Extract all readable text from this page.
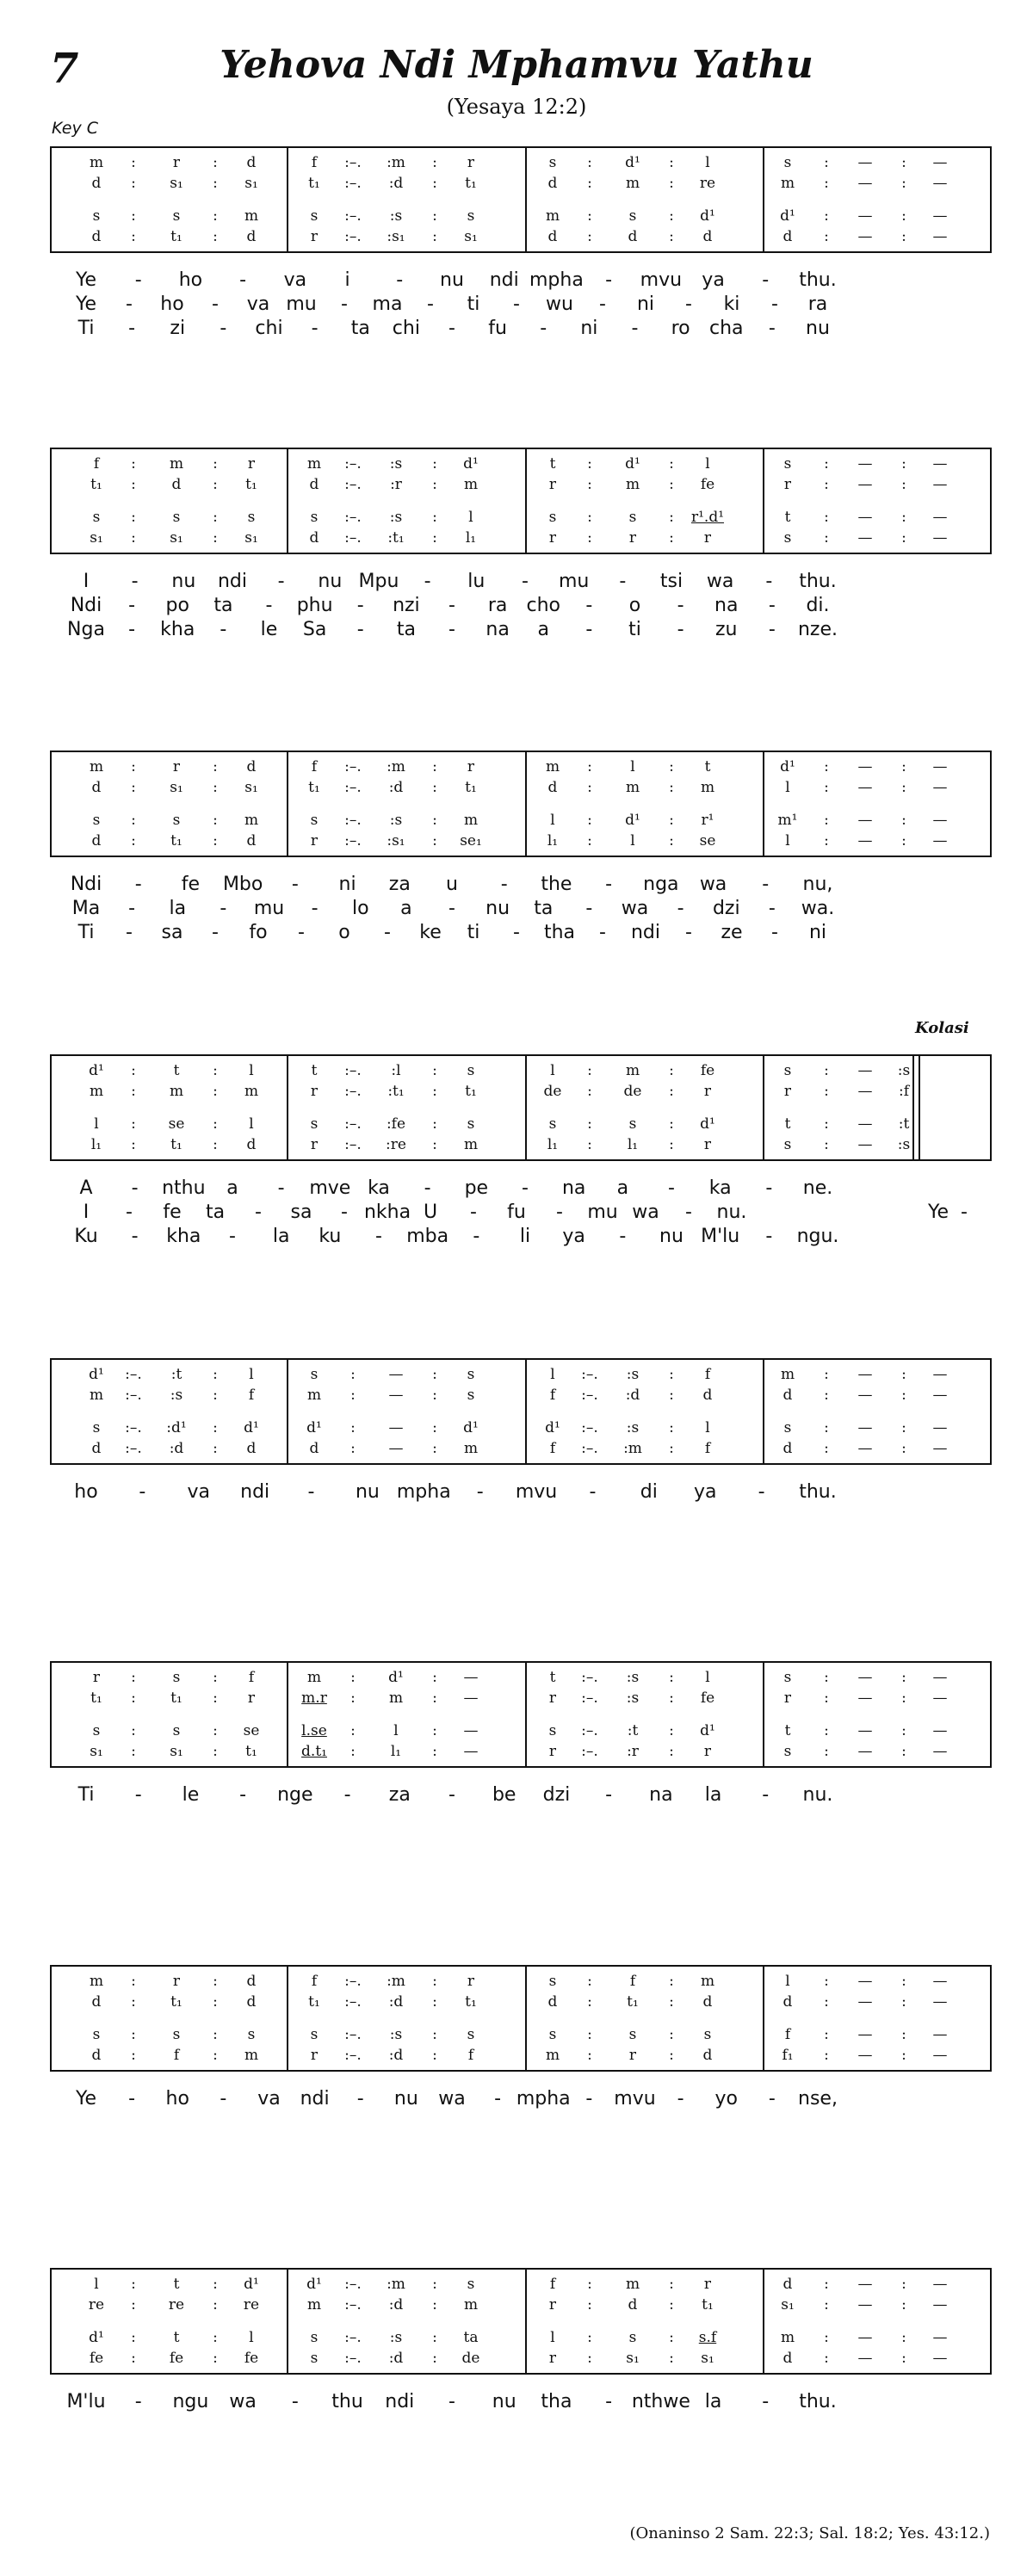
7	Yehova Ndi Mphamvu Yathu
(Yesaya 12:2)
Key C
Kolasi
m	:	r	:	d	f	:–.	:m	:	r	s	:	d¹	:	l	s	:	—	:	—
d	:	s₁	:	s₁	t₁	:–.	:d	:	t₁	d	:	m	:	re	m	:	—	:	—
s	:	s	:	m	s	:–.	:s	:	s	m	:	s	:	d¹	d¹	:	—	:	—
d	:	t₁	:	d	r	:–.	:s₁	:	s₁	d	:	d	:	d	d	:	—	:	—
Ye	-	ho	-	va	i	-	nu	ndi mpha	-	mvu	ya	-	thu.
Ye	-	ho	-	va mu	-	ma	-	ti	-	wu	-	ni	-	ki	-	ra
Ti	-	zi	-	chi	-	ta	chi	-	fu	-	ni	-	ro	cha	-	nu
f	:	m	:	r	m	:–.	:s	:	d¹	t	:	d¹	:	l	s	:	—	:	—
t₁	:	d	:	t₁	d	:–.	:r	:	m	r	:	m	:	fe	r	:	—	:	—
s	:	s	:	s	s	:–.	:s	:	l	s	:	s	:	r¹.d¹	t	:	—	:	—
s₁	:	s₁	:	s₁	d	:–.	:t₁	:	l₁	r	:	r	:	r	s	:	—	:	—
I	-	nu	ndi	-	nu Mpu	-	lu	-	mu	-	tsi	wa	-	thu.
Ndi	-	po	ta	-	phu	-	nzi	-	ra	cho	-	o	-	na	-	di.
Nga	-	kha	-	le	Sa	-	ta	-	na	a	-	ti	-	zu	-	nze.
m	:	r	:	d	f	:–.	:m	:	r	m	:	l	:	t	d¹	:	—	:	—
d	:	s₁	:	s₁	t₁	:–.	:d	:	t₁	d	:	m	:	m	l	:	—	:	—
s	:	s	:	m	s	:–.	:s	:	m	l	:	d¹	:	r¹	m¹	:	—	:	—
d	:	t₁	:	d	r	:–.	:s₁	:	se₁	l₁	:	l	:	se	l	:	—	:	—
Ndi	-	fe	Mbo	-	ni	za	u	-	the	-	nga	wa	-	nu,
Ma	-	la	-	mu	-	lo	a	-	nu	ta	-	wa	-	dzi	-	wa.
Ti	-	sa	-	fo	-	o	-	ke	ti	-	tha	-	ndi	-	ze	-	ni
d¹	:	t	:	l	t	:–.	:l	:	s	l	:	m	:	fe	s	:	—	:s
m	:	m	:	m	r	:–.	:t₁	:	t₁	de	:	de	:	r	r	:	—	:f
l	:	se	:	l	s	:–.	:fe	:	s	s	:	s	:	d¹	t	:	—	:t
l₁	:	t₁	:	d	r	:–.	:re	:	m	l₁	:	l₁	:	r	s	:	—	:s
A	-	nthu	a	-	mve ka	-	pe	-	na	a	-	ka	-	ne.
I	-	fe	ta	-	sa	- nkha U	-	fu	-	mu wa	-	nu.	Ye -
Ku	-	kha	-	la	ku	-	mba	-	li	ya	-	nu M'lu	-	ngu.
d¹	:–.	:t	:	l	s	:	—	:	s	l	:–.	:s	:	f	m	:	—	:	—
m	:–.	:s	:	f	m	:	—	:	s	f	:–.	:d	:	d	d	:	—	:	—
s	:–.	:d¹	:	d¹	d¹	:	—	:	d¹	d¹	:–.	:s	:	l	s	:	—	:	—
d	:–.	:d	:	d	d	:	—	:	m	f	:–.	:m	:	f	d	:	—	:	—
ho	-	va	ndi	-	nu mpha	-	mvu	-	di	ya	-	thu.
r	:	s	:	f	m	:	d¹	:	—	t	:–.	:s	:	l	s	:	—	:	—
t₁	:	t₁	:	r	m.r	:	m	:	—	r	:–.	:s	:	fe	r	:	—	:	—
s	:	s	:	se	l.se	:	l	:	—	s	:–.	:t	:	d¹	t	:	—	:	—
s₁	:	s₁	:	t₁	d.t₁	:	l₁	:	—	r	:–.	:r	:	r	s	:	—	:	—
Ti	-	le	-	nge	-	za	-	be	dzi	-	na	la	-	nu.
m	:	r	:	d	f	:–.	:m	:	r	s	:	f	:	m	l	:	—	:	—
d	:	t₁	:	d	t₁	:–.	:d	:	t₁	d	:	t₁	:	d	d	:	—	:	—
s	:	s	:	s	s	:–.	:s	:	s	s	:	s	:	s	f	:	—	:	—
d	:	f	:	m	r	:–.	:d	:	f	m	:	r	:	d	f₁	:	—	:	—
Ye	-	ho	-	va	ndi	-	nu	wa	- mpha -	mvu	-	yo	-	nse,
l	:	t	:	d¹	d¹	:–.	:m	:	s	f	:	m	:	r	d	:	—	:	—
re	:	re	:	re	m	:–.	:d	:	m	r	:	d	:	t₁	s₁	:	—	:	—
d¹	:	t	:	l	s	:–.	:s	:	ta	l	:	s	:	s.f	m	:	—	:	—
fe	:	fe	:	fe	s	:–.	:d	:	de	r	:	s₁	:	s₁	d	:	—	:	—
M'lu	-	ngu	wa	-	thu	ndi	-	nu	tha	-	nthwe la	-	thu.
(Onaninso 2 Sam. 22:3; Sal. 18:2; Yes. 43:12.)
